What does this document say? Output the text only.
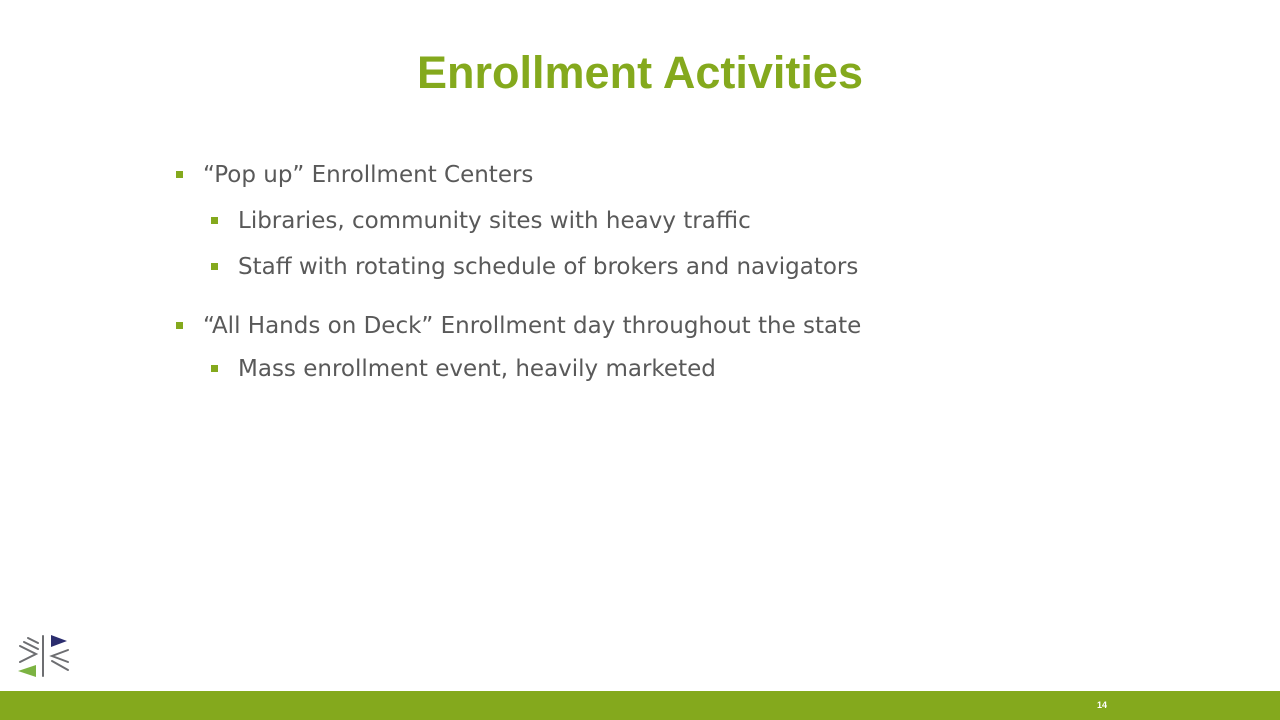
Enrollment Activities
“Pop up” Enrollment Centers
Libraries, community sites with heavy traffic
Staff with rotating schedule of brokers and navigators
“All Hands on Deck” Enrollment day throughout the state
Mass enrollment event, heavily marketed
14
